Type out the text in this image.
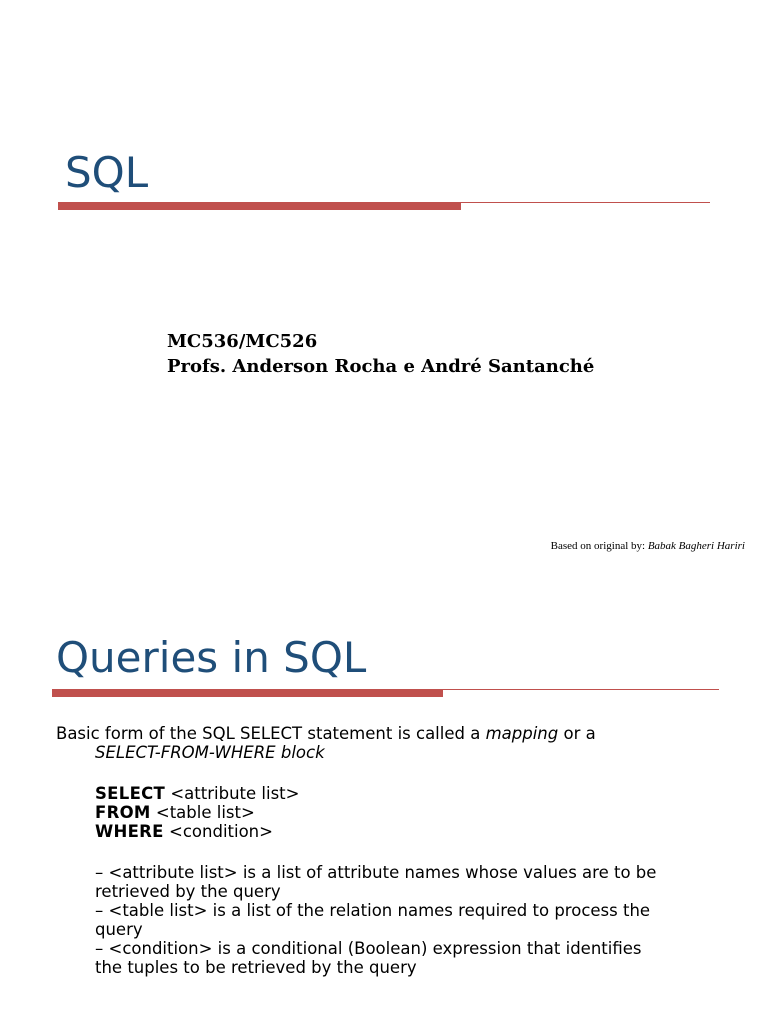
SQL
MC536/MC526
Profs. Anderson Rocha e André Santanché
Based on original by: Babak Bagheri Hariri
Queries in SQL

Basic form of the SQL SELECT statement is called a mapping or a

SELECT-FROM-WHERE block

SELECT <attribute list>

FROM <table list>

WHERE <condition>

– <attribute list> is a list of attribute names whose values are to be

retrieved by the query

– <table list> is a list of the relation names required to process the

query

– <condition> is a conditional (Boolean) expression that identifies

the tuples to be retrieved by the query
